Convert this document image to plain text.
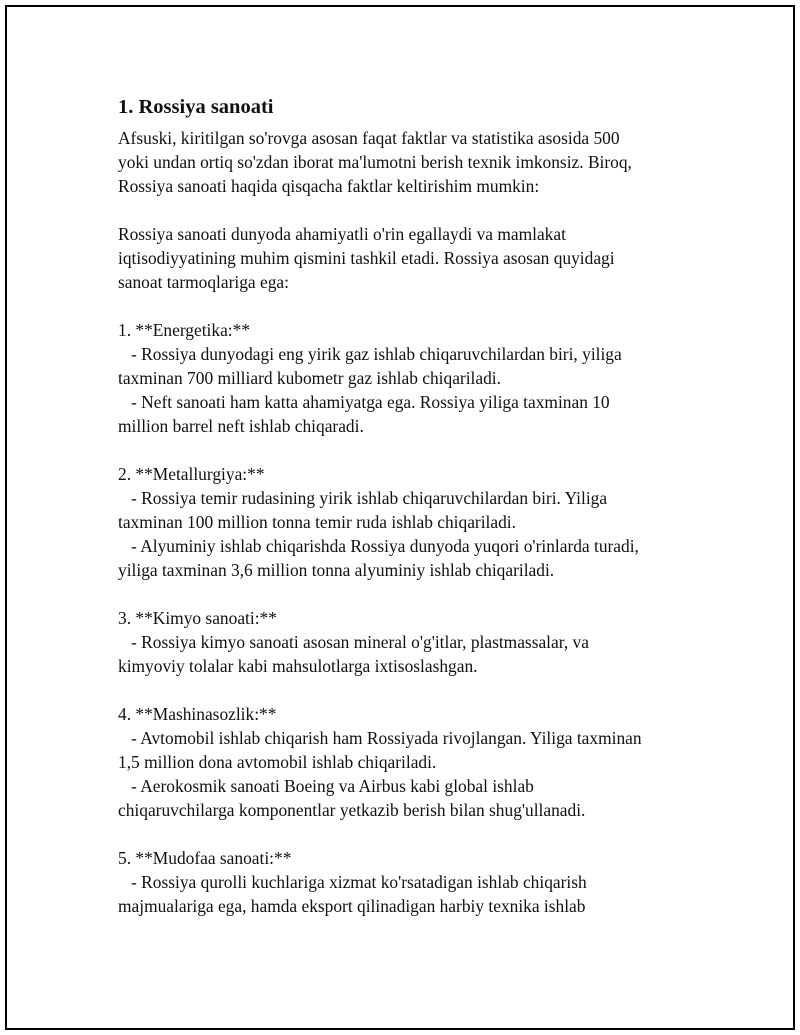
1. Rossiya sanoati
Afsuski, kiritilgan so'rovga asosan faqat faktlar va statistika asosida 500
yoki undan ortiq so'zdan iborat ma'lumotni berish texnik imkonsiz. Biroq,
Rossiya sanoati haqida qisqacha faktlar keltirishim mumkin:
Rossiya sanoati dunyoda ahamiyatli o'rin egallaydi va mamlakat
iqtisodiyyatining muhim qismini tashkil etadi. Rossiya asosan quyidagi
sanoat tarmoqlariga ega:
1. **Energetika:**
- Rossiya dunyodagi eng yirik gaz ishlab chiqaruvchilardan biri, yiliga
taxminan 700 milliard kubometr gaz ishlab chiqariladi.
- Neft sanoati ham katta ahamiyatga ega. Rossiya yiliga taxminan 10
million barrel neft ishlab chiqaradi.
2. **Metallurgiya:**
- Rossiya temir rudasining yirik ishlab chiqaruvchilardan biri. Yiliga
taxminan 100 million tonna temir ruda ishlab chiqariladi.
- Alyuminiy ishlab chiqarishda Rossiya dunyoda yuqori o'rinlarda turadi,
yiliga taxminan 3,6 million tonna alyuminiy ishlab chiqariladi.
3. **Kimyo sanoati:**
- Rossiya kimyo sanoati asosan mineral o'g'itlar, plastmassalar, va
kimyoviy tolalar kabi mahsulotlarga ixtisoslashgan.
4. **Mashinasozlik:**
- Avtomobil ishlab chiqarish ham Rossiyada rivojlangan. Yiliga taxminan
1,5 million dona avtomobil ishlab chiqariladi.
- Aerokosmik sanoati Boeing va Airbus kabi global ishlab
chiqaruvchilarga komponentlar yetkazib berish bilan shug'ullanadi.
5. **Mudofaa sanoati:**
- Rossiya qurolli kuchlariga xizmat ko'rsatadigan ishlab chiqarish
majmualariga ega, hamda eksport qilinadigan harbiy texnika ishlab
